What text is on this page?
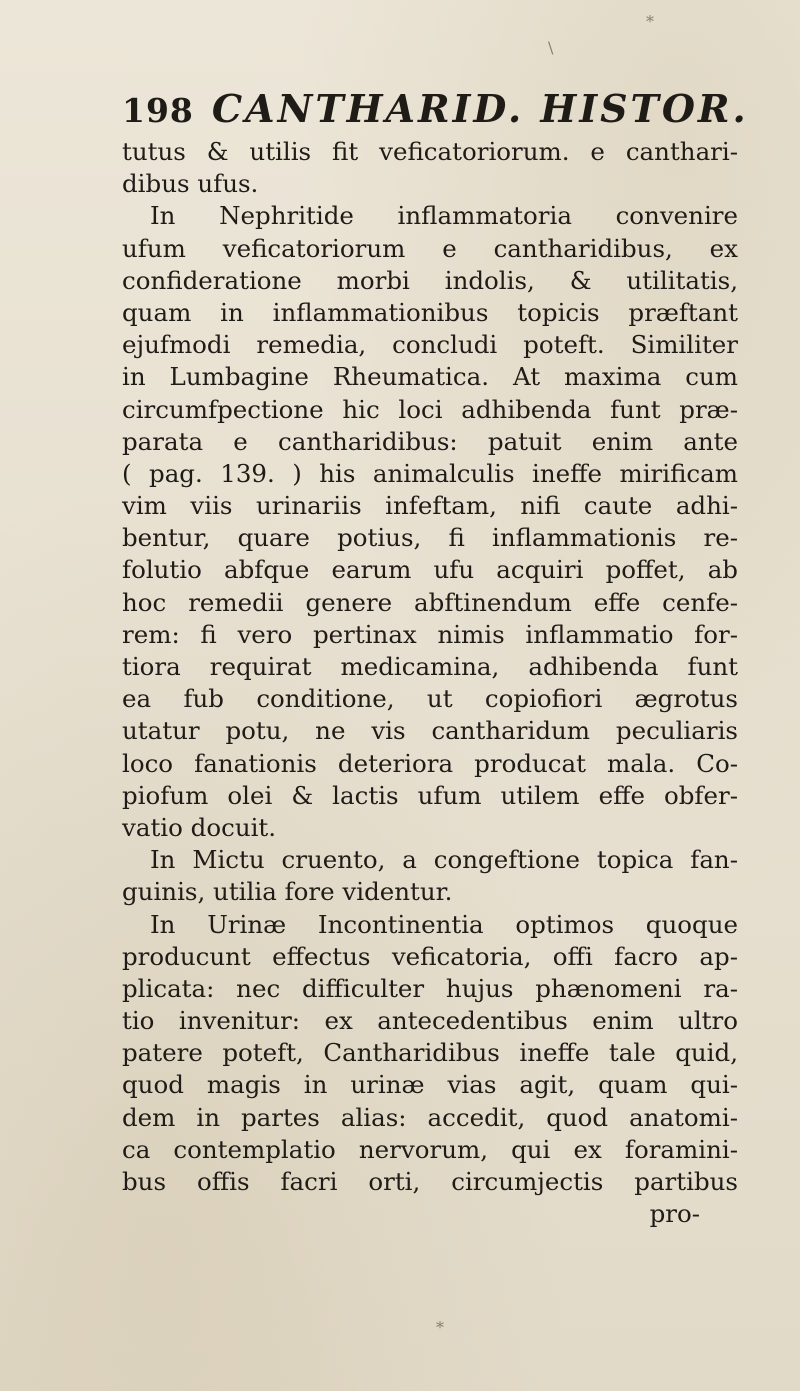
198 CANTHARID. HISTOR.
tutus & utilis fit veficatoriorum. e canthari-
dibus ufus.
In Nephritide inflammatoria convenire
ufum veficatoriorum e cantharidibus, ex
confideratione morbi indolis, & utilitatis,
quam in inflammationibus topicis præftant
ejufmodi remedia, concludi poteft. Similiter
in Lumbagine Rheumatica. At maxima cum
circumfpectione hic loci adhibenda funt præ-
parata e cantharidibus: patuit enim ante
( pag. 139. ) his animalculis ineffe mirificam
vim viis urinariis infeftam, nifi caute adhi-
bentur, quare potius, fi inflammationis re-
folutio abfque earum ufu acquiri poffet, ab
hoc remedii genere abftinendum effe cenfe-
rem: fi vero pertinax nimis inflammatio for-
tiora requirat medicamina, adhibenda funt
ea fub conditione, ut copiofiori ægrotus
utatur potu, ne vis cantharidum peculiaris
loco fanationis deteriora producat mala. Co-
piofum olei & lactis ufum utilem effe obfer-
vatio docuit.
In Mictu cruento, a congeftione topica fan-
guinis, utilia fore videntur.
In Urinæ Incontinentia optimos quoque
producunt effectus veficatoria, offi facro ap-
plicata: nec difficulter hujus phænomeni ra-
tio invenitur: ex antecedentibus enim ultro
patere poteft, Cantharidibus ineffe tale quid,
quod magis in urinæ vias agit, quam qui-
dem in partes alias: accedit, quod anatomi-
ca contemplatio nervorum, qui ex foramini-
bus offis facri orti, circumjectis partibus
pro-
\
*
*
